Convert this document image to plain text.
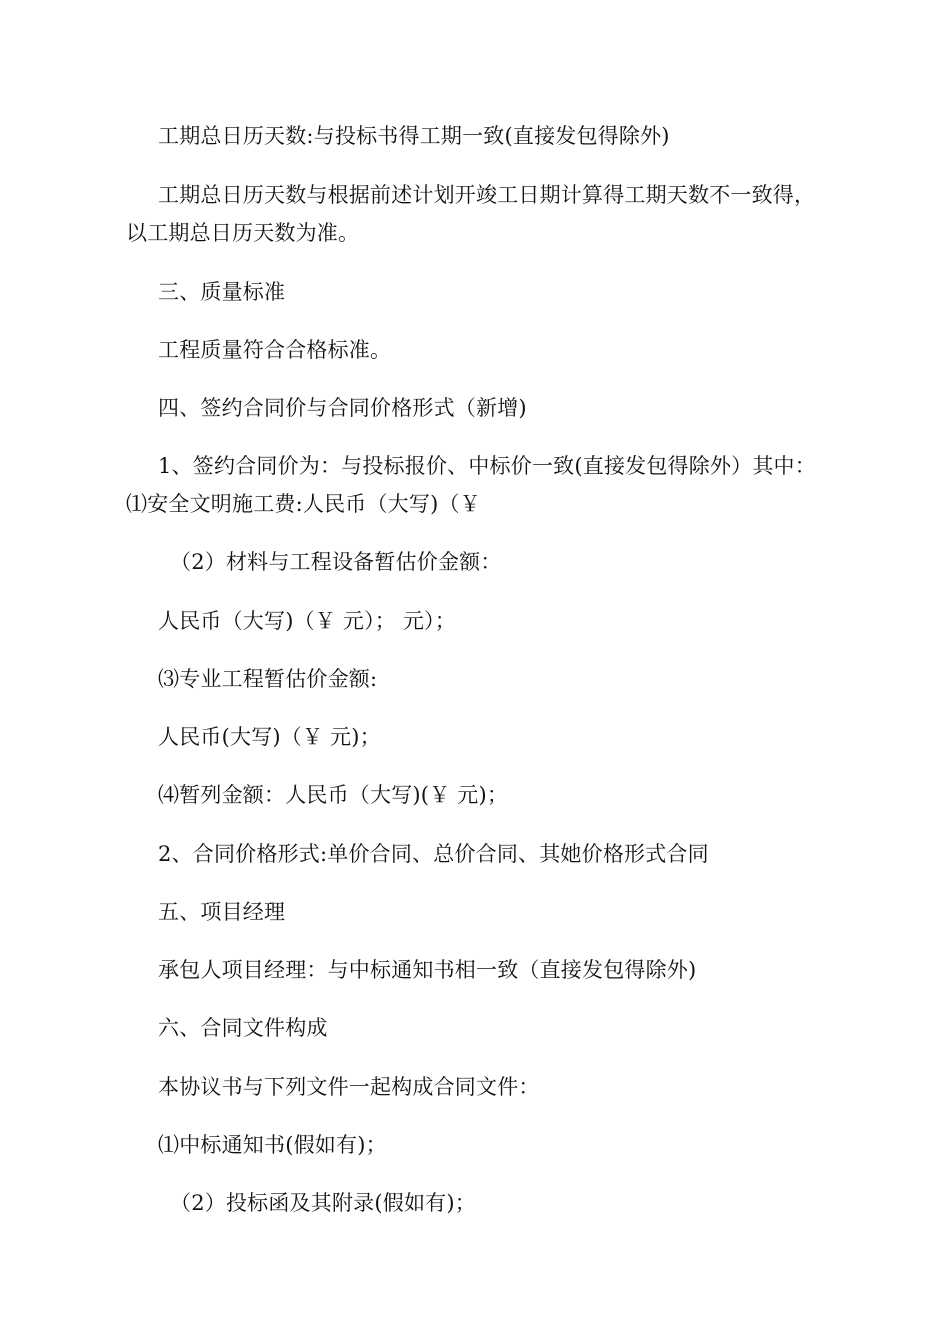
工期总日历天数:与投标书得工期一致(直接发包得除外)
工期总日历天数与根据前述计划开竣工日期计算得工期天数不一致得，
以工期总日历天数为准。
三、质量标准
工程质量符合合格标准。
四、签约合同价与合同价格形式（新增)
1、签约合同价为：与投标报价、中标价一致(直接发包得除外）其中：
⑴安全文明施工费:人民币（大写)（￥
（2）材料与工程设备暂估价金额：
人民币（大写)（￥ 元）； 元）；
⑶专业工程暂估价金额:
人民币(大写)（￥ 元)；
⑷暂列金额：人民币（大写)(￥ 元)；
2、合同价格形式:单价合同、总价合同、其她价格形式合同
五、项目经理
承包人项目经理：与中标通知书相一致（直接发包得除外)
六、合同文件构成
本协议书与下列文件一起构成合同文件：
⑴中标通知书(假如有)；
（2）投标函及其附录(假如有)；
